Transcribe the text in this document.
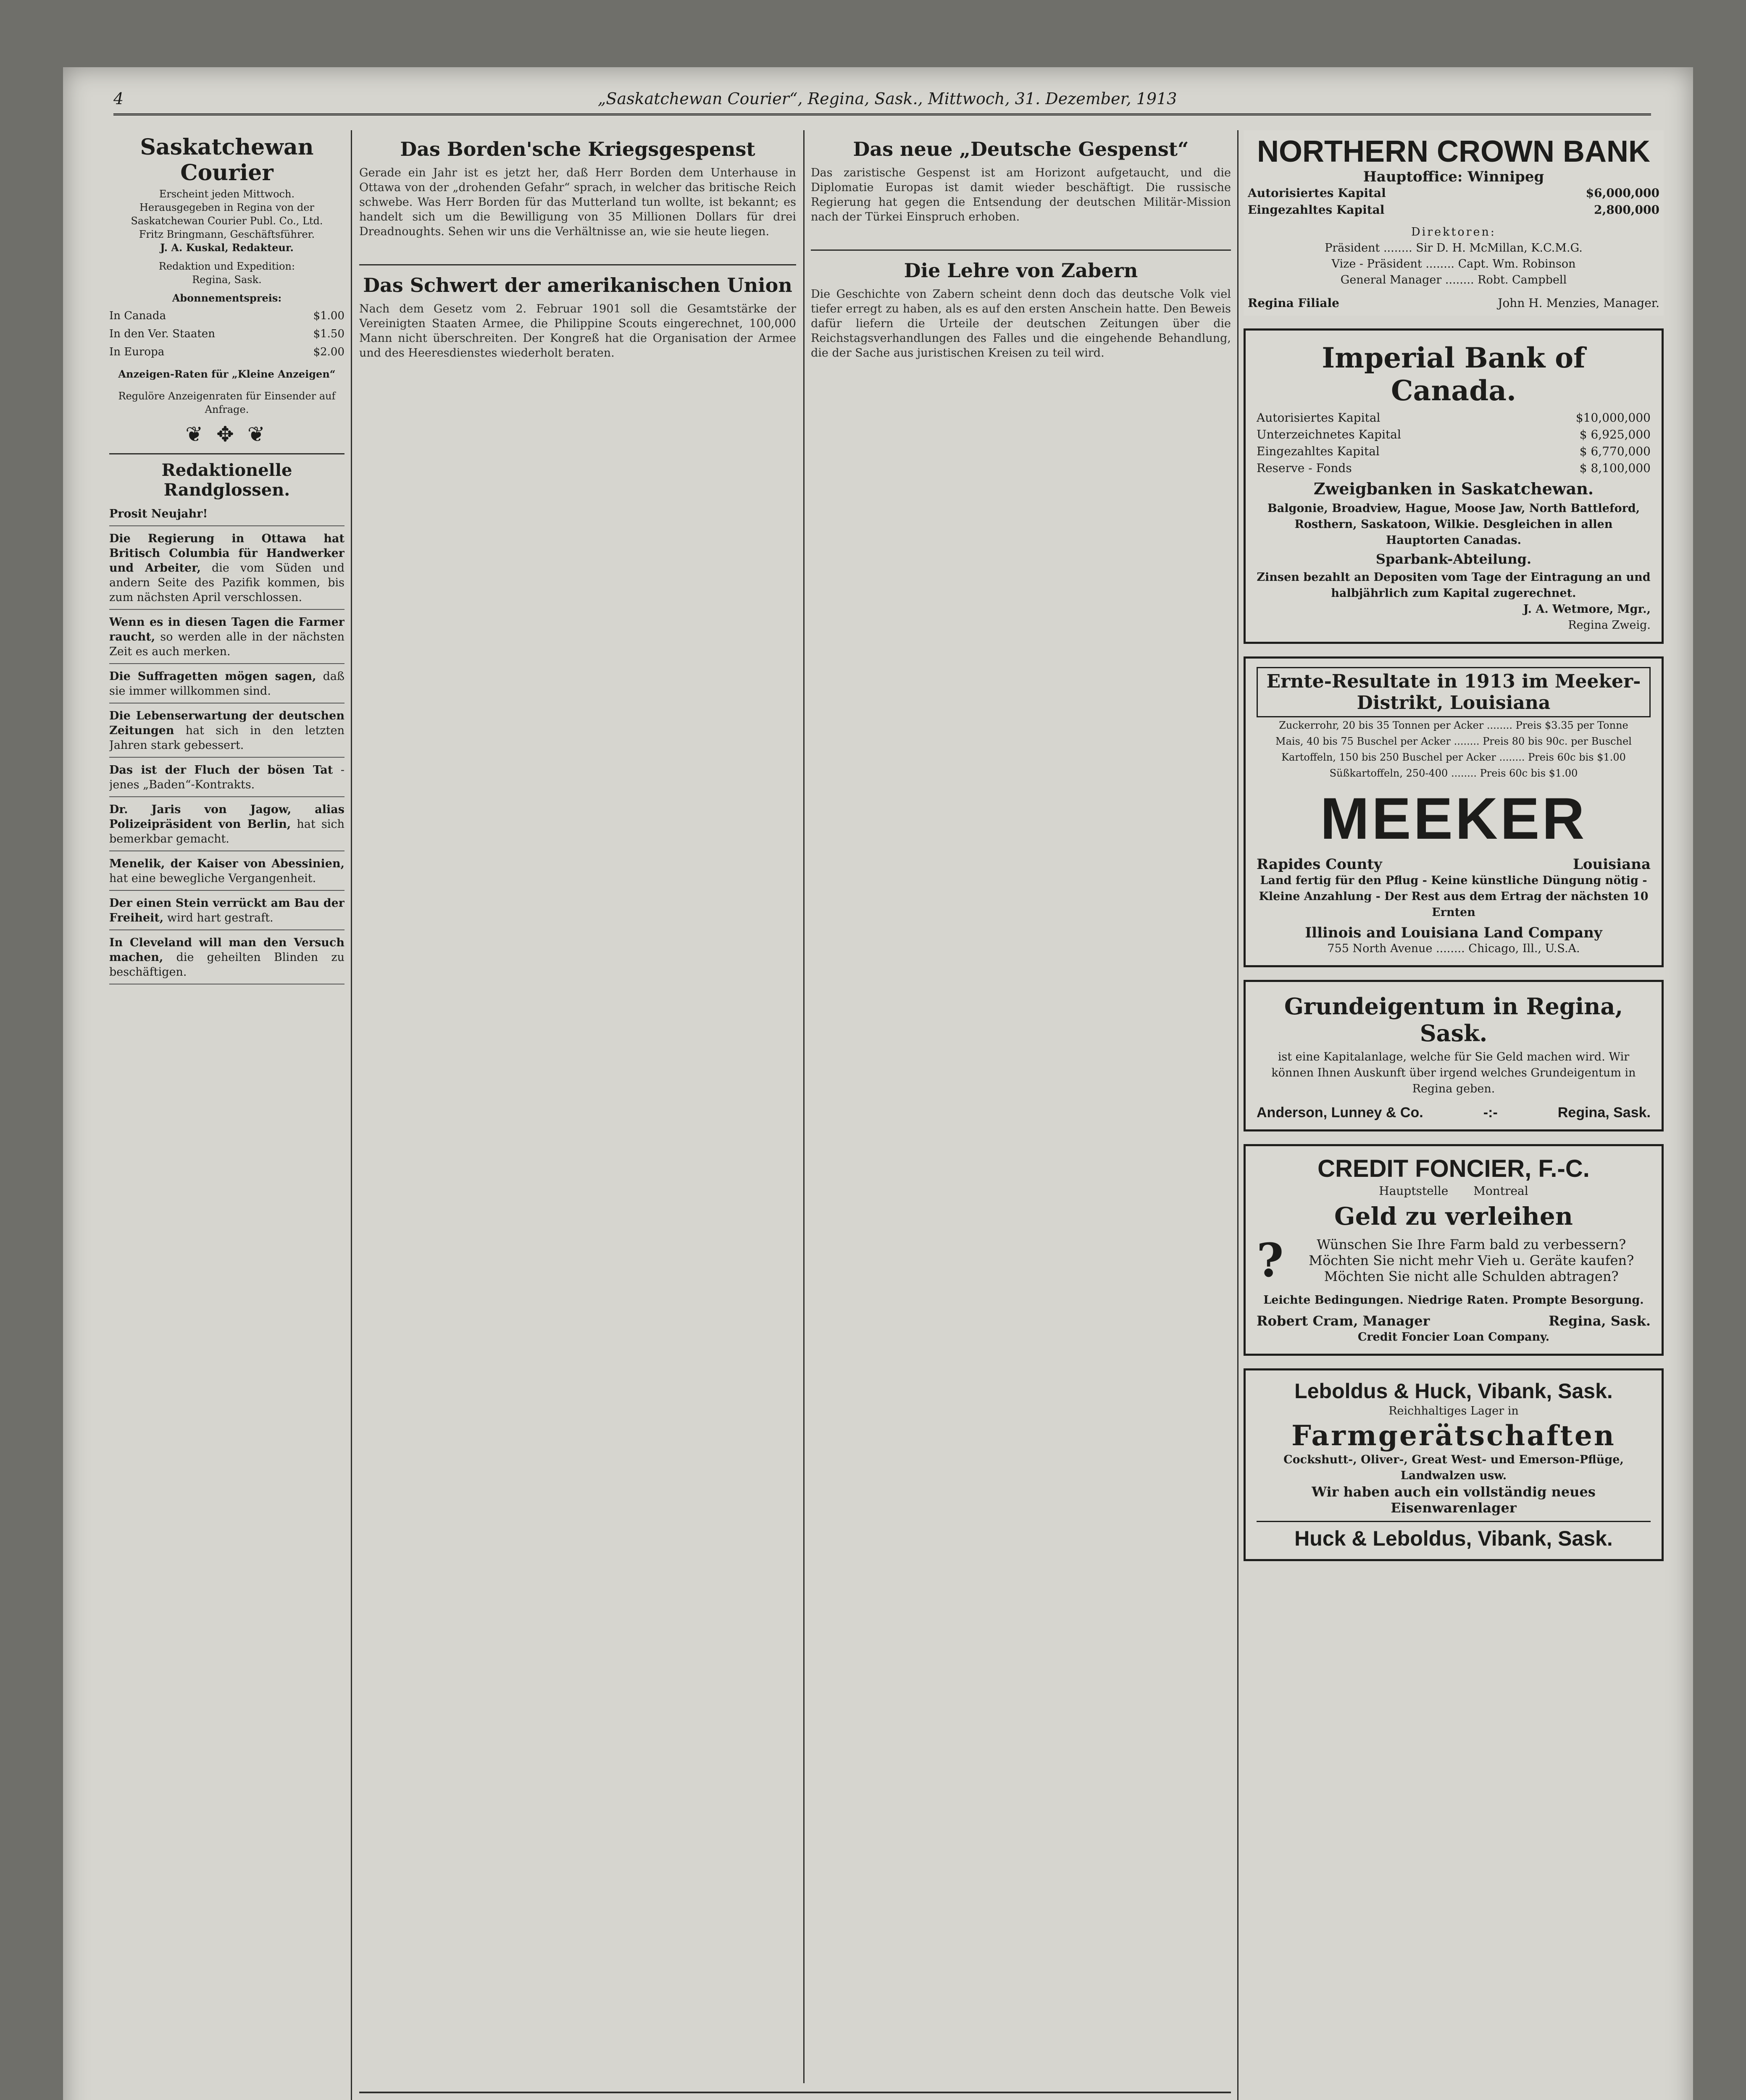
4	„Saskatchewan Courier“, Regina, Sask., Mittwoch, 31. Dezember, 1913
Saskatchewan Courier
Erscheint jeden Mittwoch.
Herausgegeben in Regina von der Saskatchewan Courier Publ. Co., Ltd.
Fritz Bringmann, Geschäftsführer.
J. A. Kuskal, Redakteur.
Redaktion und Expedition:
Regina, Sask.
Abonnementspreis:
In Canada	$1.00
In den Ver. Staaten	$1.50
In Europa	$2.00
Anzeigen-Raten für „Kleine Anzeigen“
Regulöre Anzeigenraten für Einsender auf Anfrage.
❦ ✥ ❦
Redaktionelle Randglossen.
Prosit Neujahr!
Die Regierung in Ottawa hat Britisch Columbia für Handwerker und Arbeiter, die vom Süden und andern Seite des Pazifik kommen, bis zum nächsten April verschlossen.
Wenn es in diesen Tagen die Farmer raucht, so werden alle in der nächsten Zeit es auch merken.
Die Suffragetten mögen sagen, daß sie immer willkommen sind.
Die Lebenserwartung der deutschen Zeitungen hat sich in den letzten Jahren stark gebessert.
Das ist der Fluch der bösen Tat - jenes „Baden“-Kontrakts.
Dr. Jaris von Jagow, alias Polizeipräsident von Berlin, hat sich bemerkbar gemacht.
Menelik, der Kaiser von Abessinien, hat eine bewegliche Vergangenheit.
Der einen Stein verrückt am Bau der Freiheit, wird hart gestraft.
In Cleveland will man den Versuch machen, die geheilten Blinden zu beschäftigen.
Das Borden'sche Kriegsgespenst
Gerade ein Jahr ist es jetzt her, daß Herr Borden dem Unterhause in Ottawa von der „drohenden Gefahr“ sprach, in welcher das britische Reich schwebe. Was Herr Borden für das Mutterland tun wollte, ist bekannt; es handelt sich um die Bewilligung von 35 Millionen Dollars für drei Dreadnoughts. Sehen wir uns die Verhältnisse an, wie sie heute liegen.
Das Schwert der amerikanischen Union
Nach dem Gesetz vom 2. Februar 1901 soll die Gesamtstärke der Vereinigten Staaten Armee, die Philippine Scouts eingerechnet, 100,000 Mann nicht überschreiten. Der Kongreß hat die Organisation der Armee und des Heeresdienstes wiederholt beraten.
Das neue „Deutsche Gespenst“
Das zaristische Gespenst ist am Horizont aufgetaucht, und die Diplomatie Europas ist damit wieder beschäftigt. Die russische Regierung hat gegen die Entsendung der deutschen Militär-Mission nach der Türkei Einspruch erhoben.
Die Lehre von Zabern
Die Geschichte von Zabern scheint denn doch das deutsche Volk viel tiefer erregt zu haben, als es auf den ersten Anschein hatte. Den Beweis dafür liefern die Urteile der deutschen Zeitungen über die Reichstagsverhandlungen des Falles und die eingehende Behandlung, die der Sache aus juristischen Kreisen zu teil wird.
NORTHERN CROWN BANK
Hauptoffice: Winnipeg
Autorisiertes Kapital	$6,000,000
Eingezahltes Kapital	2,800,000
Direktoren:
Präsident ........ Sir D. H. McMillan, K.C.M.G.
Vize - Präsident ........ Capt. Wm. Robinson
General Manager ........ Robt. Campbell
Regina Filiale	John H. Menzies, Manager.
Imperial Bank of Canada.
Autorisiertes Kapital	$10,000,000
Unterzeichnetes Kapital	$ 6,925,000
Eingezahltes Kapital	$ 6,770,000
Reserve - Fonds	$ 8,100,000
Zweigbanken in Saskatchewan.
Balgonie, Broadview, Hague, Moose Jaw, North Battleford, Rosthern, Saskatoon, Wilkie. Desgleichen in allen Hauptorten Canadas.
Sparbank-Abteilung.
Zinsen bezahlt an Depositen vom Tage der Eintragung an und halbjährlich zum Kapital zugerechnet.
J. A. Wetmore, Mgr.,
Regina Zweig.
Ernte-Resultate in 1913 im Meeker-Distrikt, Louisiana
Zuckerrohr, 20 bis 35 Tonnen per Acker ........ Preis $3.35 per Tonne
Mais, 40 bis 75 Buschel per Acker ........ Preis 80 bis 90c. per Buschel
Kartoffeln, 150 bis 250 Buschel per Acker ........ Preis 60c bis $1.00
Süßkartoffeln, 250-400 ........ Preis 60c bis $1.00
MEEKER
Rapides County	Louisiana
Land fertig für den Pflug - Keine künstliche Düngung nötig - Kleine Anzahlung - Der Rest aus dem Ertrag der nächsten 10 Ernten
Illinois and Louisiana Land Company
755 North Avenue ........ Chicago, Ill., U.S.A.
Grundeigentum in Regina, Sask.
ist eine Kapitalanlage, welche für Sie Geld machen wird. Wir können Ihnen Auskunft über irgend welches Grundeigentum in Regina geben.
Anderson, Lunney & Co.	-:-	Regina, Sask.
CREDIT FONCIER, F.-C.
Hauptstelle Montreal
Geld zu verleihen
?	Wünschen Sie Ihre Farm bald zu verbessern?
Möchten Sie nicht mehr Vieh u. Geräte kaufen?
Möchten Sie nicht alle Schulden abtragen?
Leichte Bedingungen. Niedrige Raten. Prompte Besorgung.
Robert Cram, Manager	Regina, Sask.
Credit Foncier Loan Company.
Leboldus & Huck, Vibank, Sask.
Reichhaltiges Lager in
Farmgerätschaften
Cockshutt-, Oliver-, Great West- und Emerson-Pflüge,
Landwalzen usw.
Wir haben auch ein vollständig neues Eisenwarenlager
Huck & Leboldus, Vibank, Sask.
